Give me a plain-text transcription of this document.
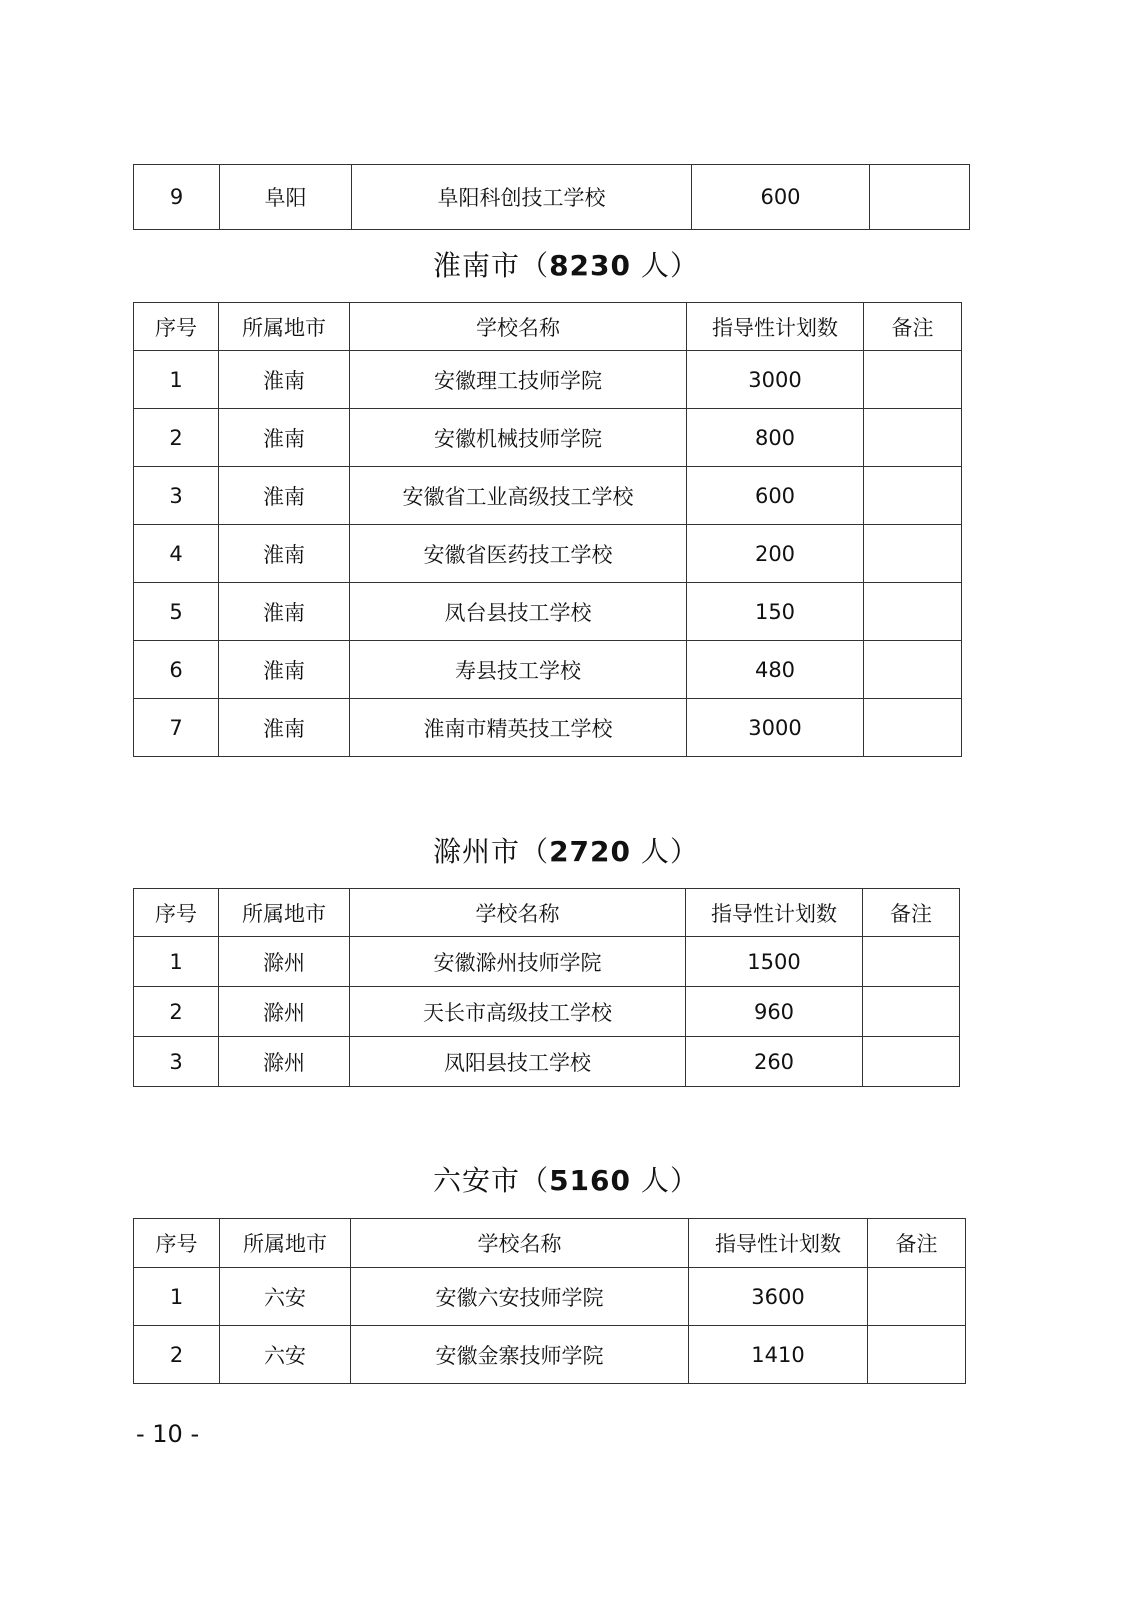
9	阜阳	阜阳科创技工学校	600	
淮南市（8230 人）
序号	所属地市	学校名称	指导性计划数	备注
1	淮南	安徽理工技师学院	3000	
2	淮南	安徽机械技师学院	800	
3	淮南	安徽省工业高级技工学校	600	
4	淮南	安徽省医药技工学校	200	
5	淮南	凤台县技工学校	150	
6	淮南	寿县技工学校	480	
7	淮南	淮南市精英技工学校	3000	
滁州市（2720 人）
序号	所属地市	学校名称	指导性计划数	备注
1	滁州	安徽滁州技师学院	1500	
2	滁州	天长市高级技工学校	960	
3	滁州	凤阳县技工学校	260	
六安市（5160 人）
序号	所属地市	学校名称	指导性计划数	备注
1	六安	安徽六安技师学院	3600	
2	六安	安徽金寨技师学院	1410	
- 10 -
